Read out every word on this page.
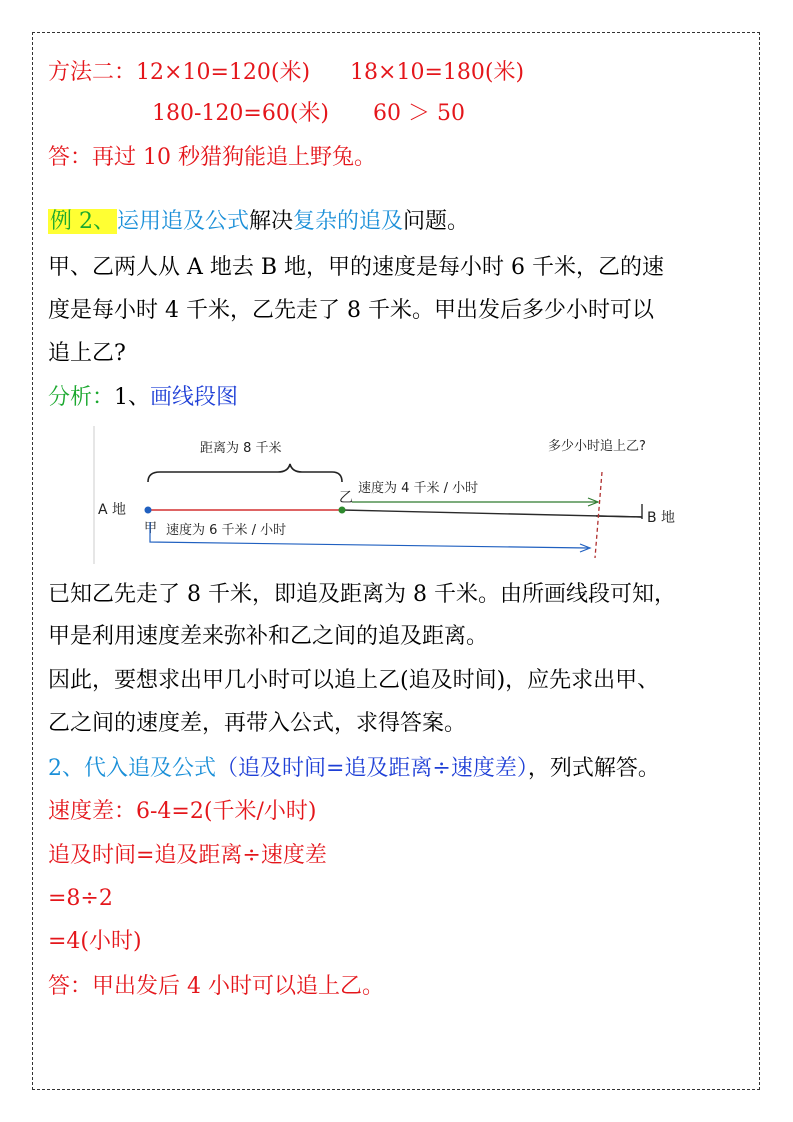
方法二：12×10=120(米) 18×10=180(米)
180-120=60(米) 60 ＞ 50
答：再过 10 秒猎狗能追上野兔。
例 2、运用追及公式解决复杂的追及问题。
甲、乙两人从 A 地去 B 地，甲的速度是每小时 6 千米，乙的速
度是每小时 4 千米，乙先走了 8 千米。甲出发后多少小时可以
追上乙?
分析：1、画线段图
距离为 8 千米	多少小时追上乙?
速度为 4 千米 / 小时
乙
A 地	B 地
甲 速度为 6 千米 / 小时
已知乙先走了 8 千米，即追及距离为 8 千米。由所画线段可知，
甲是利用速度差来弥补和乙之间的追及距离。
因此，要想求出甲几小时可以追上乙(追及时间)，应先求出甲、
乙之间的速度差，再带入公式，求得答案。
2、代入追及公式（追及时间=追及距离÷速度差），列式解答。
速度差：6-4=2(千米/小时)
追及时间=追及距离÷速度差
=8÷2
=4(小时)
答：甲出发后 4 小时可以追上乙。
